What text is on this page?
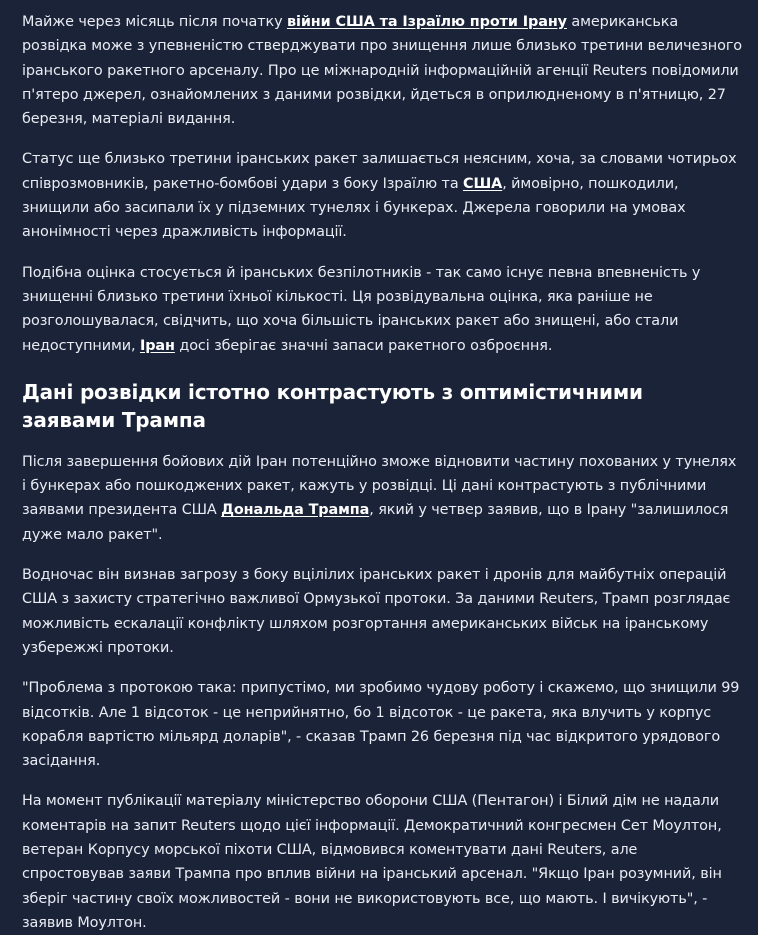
Майже через місяць після початку війни США та Ізраїлю проти Ірану американська розвідка може з упевненістю стверджувати про знищення лише близько третини величезного іранського ракетного арсеналу. Про це міжнародній інформаційній агенції Reuters повідомили п'ятеро джерел, ознайомлених з даними розвідки, йдеться в оприлюдненому в п'ятницю, 27 березня, матеріалі видання.

Статус ще близько третини іранських ракет залишається неясним, хоча, за словами чотирьох співрозмовників, ракетно-бомбові удари з боку Ізраїлю та США, ймовірно, пошкодили, знищили або засипали їх у підземних тунелях і бункерах. Джерела говорили на умовах анонімності через дражливість інформації.

Подібна оцінка стосується й іранських безпілотників - так само існує певна впевненість у знищенні близько третини їхньої кількості. Ця розвідувальна оцінка, яка раніше не розголошувалася, свідчить, що хоча більшість іранських ракет або знищені, або стали недоступними, Іран досі зберігає значні запаси ракетного озброєння.

Дані розвідки істотно контрастують з оптимістичними заявами Трампа

Після завершення бойових дій Іран потенційно зможе відновити частину похованих у тунелях і бункерах або пошкоджених ракет, кажуть у розвідці. Ці дані контрастують з публічними заявами президента США Дональда Трампа, який у четвер заявив, що в Ірану "залишилося дуже мало ракет".

Водночас він визнав загрозу з боку вцілілих іранських ракет і дронів для майбутніх операцій США з захисту стратегічно важливої Ормузької протоки. За даними Reuters, Трамп розглядає можливість ескалації конфлікту шляхом розгортання американських військ на іранському узбережжі протоки.

"Проблема з протокою така: припустімо, ми зробимо чудову роботу і скажемо, що знищили 99 відсотків. Але 1 відсоток - це неприйнятно, бо 1 відсоток - це ракета, яка влучить у корпус корабля вартістю мільярд доларів", - сказав Трамп 26 березня під час відкритого урядового засідання.

На момент публікації матеріалу міністерство оборони США (Пентагон) і Білий дім не надали коментарів на запит Reuters щодо цієї інформації. Демократичний конгресмен Сет Моултон, ветеран Корпусу морської піхоти США, відмовився коментувати дані Reuters, але спростовував заяви Трампа про вплив війни на іранський арсенал. "Якщо Іран розумний, він зберіг частину своїх можливостей - вони не використовують все, що мають. І вичікують", - заявив Моултон.
